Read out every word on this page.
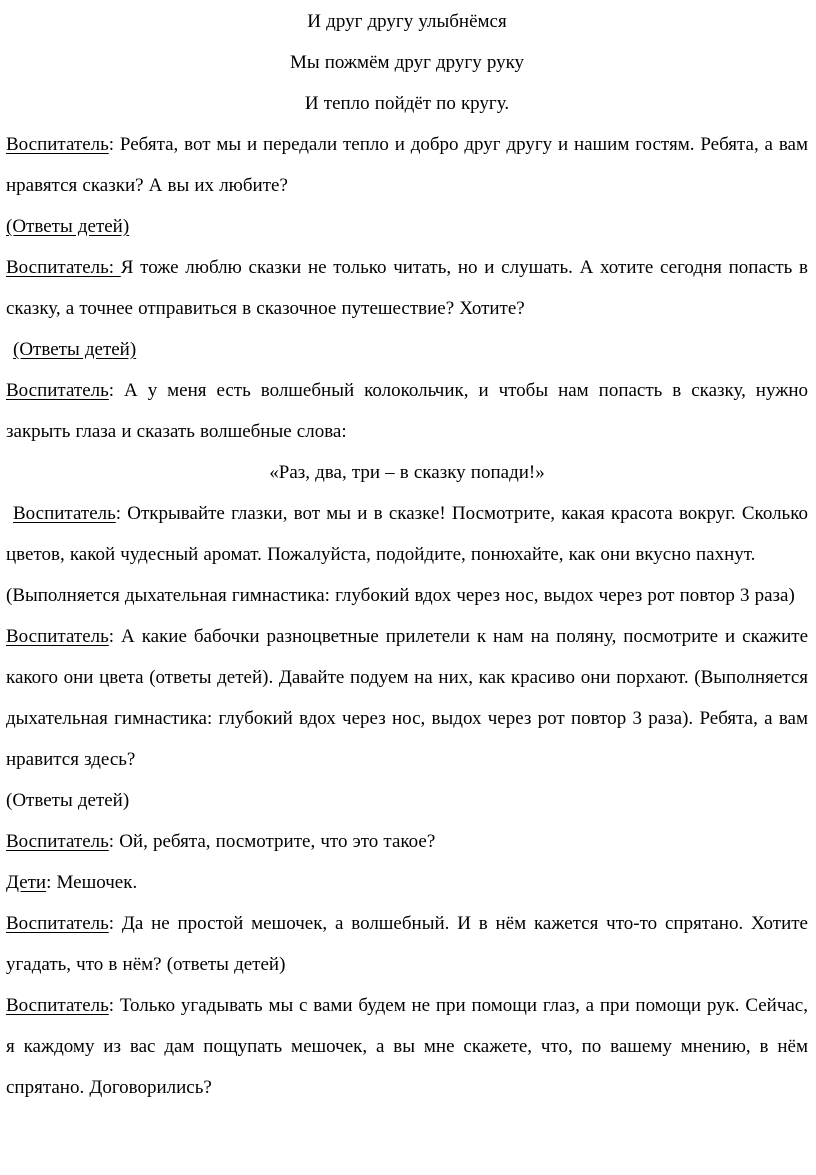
И друг другу улыбнёмся

Мы пожмём друг другу руку

И тепло пойдёт по кругу.

Воспитатель: Ребята, вот мы и передали тепло и добро друг другу и нашим гостям. Ребята, а вам нравятся сказки? А вы их любите?

(Ответы детей)

Воспитатель: Я тоже люблю сказки не только читать, но и слушать. А хотите сегодня попасть в сказку, а точнее отправиться в сказочное путешествие? Хотите?

(Ответы детей)

Воспитатель: А у меня есть волшебный колокольчик, и чтобы нам попасть в сказку, нужно закрыть глаза и сказать волшебные слова:

«Раз, два, три – в сказку попади!»

Воспитатель: Открывайте глазки, вот мы и в сказке! Посмотрите, какая красота вокруг. Сколько цветов, какой чудесный аромат. Пожалуйста, подойдите, понюхайте, как они вкусно пахнут.

(Выполняется дыхательная гимнастика: глубокий вдох через нос, выдох через рот повтор 3 раза)

Воспитатель: А какие бабочки разноцветные прилетели к нам на поляну, посмотрите и скажите какого они цвета (ответы детей). Давайте подуем на них, как красиво они порхают. (Выполняется дыхательная гимнастика: глубокий вдох через нос, выдох через рот повтор 3 раза). Ребята, а вам нравится здесь?

(Ответы детей)

Воспитатель: Ой, ребята, посмотрите, что это такое?

Дети: Мешочек.

Воспитатель: Да не простой мешочек, а волшебный. И в нём кажется что-то спрятано. Хотите угадать, что в нём? (ответы детей)

Воспитатель: Только угадывать мы с вами будем не при помощи глаз, а при помощи рук. Сейчас, я каждому из вас дам пощупать мешочек, а вы мне скажете, что, по вашему мнению, в нём спрятано. Договорились?
